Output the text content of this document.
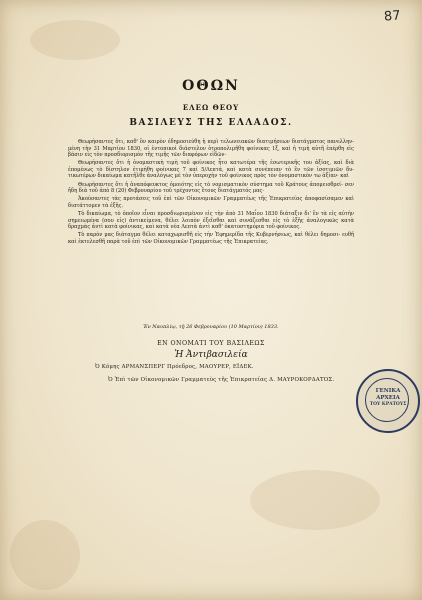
87
ΟΘΩΝ
ΕΛΕΩ ΘΕΟΥ
ΒΑΣΙΛΕΥΣ ΤΗΣ ΕΛΛΑΔΟΣ.

Θεωρήσαντες ὅτι, καθ' ὃν καιρὸν ἐδημοσιεύθη ἡ περὶ τελωνειακῶν διατιμήσεων διατάγματος πανελλην- μένη τὴν 31 Μαρτίου 1830, οἱ ἐντοπικοὶ διάστελον ὁτροπολιμῆθη φοίνικας 1ξ, καὶ ἡ τιμὴ αὐτῆ ἐπέρθη εἰς βάσιν εἰς τὸν προσδιορισμὸν τῆς τιμῆς τῶν διαφόρων εἰδῶν·

Θεωρήσαντες ὅτι ἡ ὀνομαστικὴ τιμὴ τοῦ φοίνικος ἦτο κατωτέρα τῆς ἐσωτερικῆς του ἀξίας, καὶ διὰ ἐπομένως τὸ δίστηλον ἐτιμήθη φοίνικας 7 καὶ 5/Λεπτά, καὶ κατὰ συνέπειαν τὸ ἓν τῶν ἰσοτιμιῶν δυ- τικωτέρων δικαίωμα κατῆλθε ἀναλόγως μὲ τὸν ὑπεροχὴν τοῦ φοίνικος πρὸς τὸν ὀνομαστικὸν τω ἀξίαν· καὶ

Θεωρήσαντες ὅτι ἡ ἀναπόφευκτος ὁμοιότης εἰς τὸ νομισματικὸν σύστημα τοῦ Κράτους ἀπομειοθρεί- σεν ἤδη διὰ τοῦ ἀπὸ 8 (20) Φεβρουαρίου τοῦ τρέχοντος ἔτους διατάγματός μας·

Ἀκούσαντες τὰς προτάσεις τοῦ ἐπὶ τῶν Οἰκονομικῶν Γραμματέως τῆς Ἐπικρατείας ἀποφασίσαμεν καὶ διατάττομεν τὰ ἑξῆς.

Τὸ δικαίωμα, τὸ ὁποῖον εἶναι προσδιωρισμένον εἰς τὴν ἀπὸ 31 Μαΐου 1830 διάταξιν δι' ἓν τὰ εἰς αὐτὴν σημειωμένα (σου εἰς) ἀντικείμενα, θέλει λοιπὸν ἐξεῖσθαι καὶ συνάζεσθαι εἰς τὸ ἑξῆς ἀναλογικῶς κατὰ δραχμὰς ἀντὶ κατὰ φοίνικας, καὶ κατὰ νέα Λεπτὰ ἀντὶ καθ' ὁκατοστημόρια τοῦ φοίνικος.

Τὸ παρὸν μας διάταγμα θέλει καταχωρισθῆ εἰς τὴν Ἐφημερίδα τῆς Κυβερνήσεως, καὶ θέλει δημοσι- ευθῆ καὶ ἐκτελεσθῆ παρὰ τοῦ ἐπὶ τῶν Οἰκονομικῶν Γραμματέως τῆς Ἐπικρατείας.

Ἐν Ναυπλίῳ, τῇ 26 Φεβρουαρίου (10 Μαρτίου) 1833.
ΕΝ ΟΝΟΜΑΤΙ ΤΟΥ ΒΑΣΙΛΕΩΣ
Ἡ Ἀντιβασιλεία
Ὁ Κόμης ΑΡΜΑΝΣΠΕΡΓ Πρόεδρος, ΜΑΟΥΡΕΡ, ΕΪΔΕΚ.
Ὁ Ἐπὶ τῶν Οἰκονομικῶν Γραμματεὺς τῆς Ἐπικρατείας Δ. ΜΑΥΡΟΚΟΡΔΑΤΟΣ.
ΓΕΝΙΚΑ
ΑΡΧΕΙΑ
ΤΟΥ ΚΡΑΤΟΥΣ
